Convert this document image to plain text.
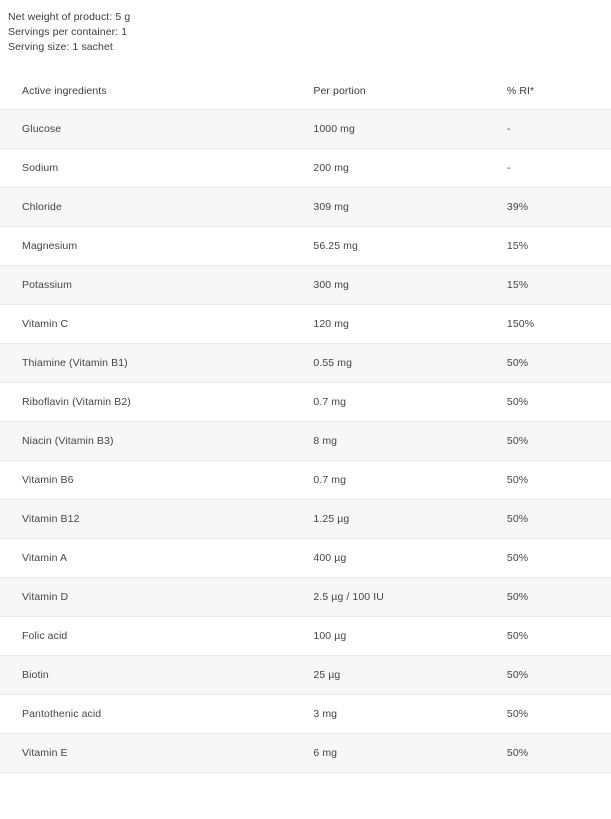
Net weight of product: 5 g
Servings per container: 1
Serving size: 1 sachet
Active ingredients	Per portion	% RI*
Glucose	1000 mg	-
Sodium	200 mg	-
Chloride	309 mg	39%
Magnesium	56.25 mg	15%
Potassium	300 mg	15%
Vitamin C	120 mg	150%
Thiamine (Vitamin B1)	0.55 mg	50%
Riboflavin (Vitamin B2)	0.7 mg	50%
Niacin (Vitamin B3)	8 mg	50%
Vitamin B6	0.7 mg	50%
Vitamin B12	1.25 µg	50%
Vitamin A	400 µg	50%
Vitamin D	2.5 µg / 100 IU	50%
Folic acid	100 µg	50%
Biotin	25 µg	50%
Pantothenic acid	3 mg	50%
Vitamin E	6 mg	50%
